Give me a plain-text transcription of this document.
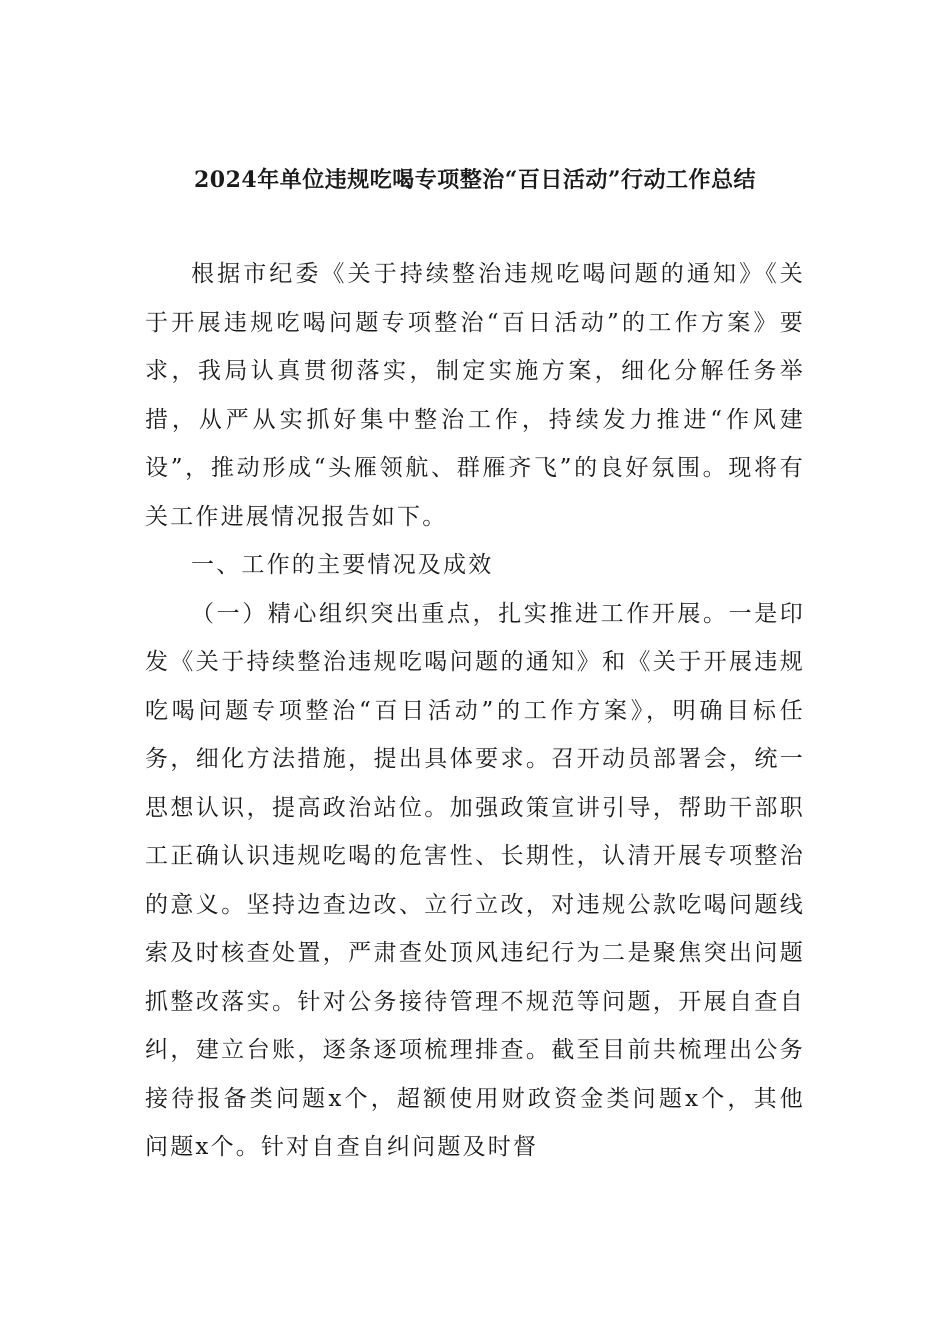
2024年单位违规吃喝专项整治“百日活动”行动工作总结

根据市纪委《关于持续整治违规吃喝问题的通知》《关于开展违规吃喝问题专项整治“百日活动”的工作方案》要求，我局认真贯彻落实，制定实施方案，细化分解任务举措，从严从实抓好集中整治工作，持续发力推进“作风建设”，推动形成“头雁领航、群雁齐飞”的良好氛围。现将有关工作进展情况报告如下。

一、工作的主要情况及成效

（一）精心组织突出重点，扎实推进工作开展。一是印发《关于持续整治违规吃喝问题的通知》和《关于开展违规吃喝问题专项整治“百日活动”的工作方案》，明确目标任务，细化方法措施，提出具体要求。召开动员部署会，统一思想认识，提高政治站位。加强政策宣讲引导，帮助干部职工正确认识违规吃喝的危害性、长期性，认清开展专项整治的意义。坚持边查边改、立行立改，对违规公款吃喝问题线索及时核查处置，严肃查处顶风违纪行为二是聚焦突出问题抓整改落实。针对公务接待管理不规范等问题，开展自查自纠，建立台账，逐条逐项梳理排查。截至目前共梳理出公务接待报备类问题x个，超额使用财政资金类问题x个，其他问题x个。针对自查自纠问题及时督
